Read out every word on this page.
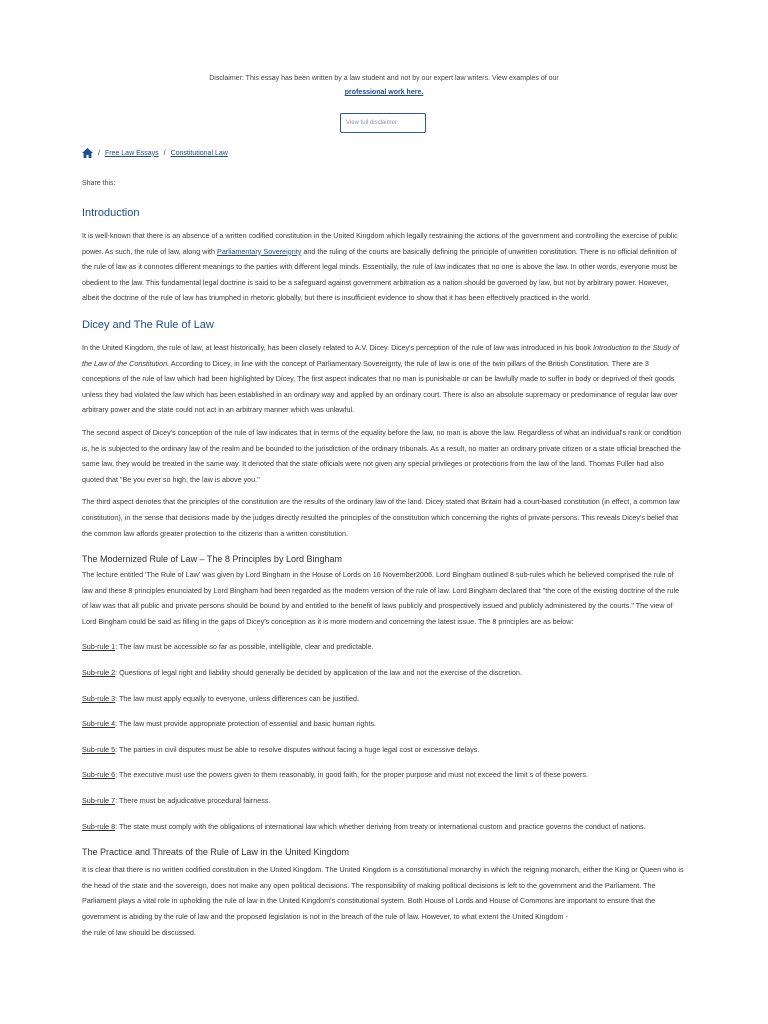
Disclaimer: This essay has been written by a law student and not by our expert law writers. View examples of our
professional work here.
View full disclaimer
/ Free Law Essays / Constitutional Law
Share this:
Introduction

It is well-known that there is an absence of a written codified constitution in the United Kingdom which legally restraining the actions of the government and controlling the exercise of public power. As such, the rule of law, along with Parliamentary Sovereignty and the ruling of the courts are basically defining the principle of unwritten constitution. There is no official definition of the rule of law as it connotes different meanings to the parties with different legal minds. Essentially, the rule of law indicates that no one is above the law. In other words, everyone must be obedient to the law. This fundamental legal doctrine is said to be a safeguard against government arbitration as a nation should be governed by law, but not by arbitrary power. However, albeit the doctrine of the rule of law has triumphed in rhetoric globally, but there is insufficient evidence to show that it has been effectively practiced in the world.

Dicey and The Rule of Law

In the United Kingdom, the rule of law, at least historically, has been closely related to A.V. Dicey. Dicey's perception of the rule of law was introduced in his book Introduction to the Study of the Law of the Constitution. According to Dicey, in line with the concept of Parliamentary Sovereignty, the rule of law is one of the twin pillars of the British Constitution. There are 3 conceptions of the rule of law which had been highlighted by Dicey. The first aspect indicates that no man is punishable or can be lawfully made to suffer in body or deprived of their goods unless they had violated the law which has been established in an ordinary way and applied by an ordinary court. There is also an absolute supremacy or predominance of regular law over arbitrary power and the state could not act in an arbitrary manner which was unlawful.

The second aspect of Dicey's conception of the rule of law indicates that in terms of the equality before the law, no man is above the law. Regardless of what an individual's rank or condition is, he is subjected to the ordinary law of the realm and be bounded to the jurisdiction of the ordinary tribunals. As a result, no matter an ordinary private citizen or a state official breached the same law, they would be treated in the same way. It denoted that the state officials were not given any special privileges or protections from the law of the land. Thomas Fuller had also quoted that "Be you ever so high, the law is above you."

The third aspect denotes that the principles of the constitution are the results of the ordinary law of the land. Dicey stated that Britain had a court-based constitution (in effect, a common law constitution), in the sense that decisions made by the judges directly resulted the principles of the constitution which concerning the rights of private persons. This reveals Dicey's belief that the common law affords greater protection to the citizens than a written constitution.

The Modernized Rule of Law – The 8 Principles by Lord Bingham

The lecture entitled 'The Rule of Law' was given by Lord Bingham in the House of Lords on 16 November2006. Lord Bingham outlined 8 sub-rules which he believed comprised the rule of law and these 8 principles enunciated by Lord Bingham had been regarded as the modern version of the rule of law. Lord Bingham declared that "the core of the existing doctrine of the rule of law was that all public and private persons should be bound by and entitled to the benefit of laws publicly and prospectively issued and publicly administered by the courts." The view of Lord Bingham could be said as filling in the gaps of Dicey's conception as it is more modern and concerning the latest issue. The 8 principles are as below:

Sub-rule 1: The law must be accessible so far as possible, intelligible, clear and predictable.

Sub-rule 2: Questions of legal right and liability should generally be decided by application of the law and not the exercise of the discretion.

Sub-rule 3: The law must apply equally to everyone, unless differences can be justified.

Sub-rule 4: The law must provide appropriate protection of essential and basic human rights.

Sub-rule 5: The parties in civil disputes must be able to resolve disputes without facing a huge legal cost or excessive delays.

Sub-rule 6: The executive must use the powers given to them reasonably, in good faith, for the proper purpose and must not exceed the limit s of these powers.

Sub-rule 7: There must be adjudicative procedural fairness.

Sub-rule 8: The state must comply with the obligations of international law which whether deriving from treaty or international custom and practice governs the conduct of nations.

The Practice and Threats of the Rule of Law in the United Kingdom

It is clear that there is no written codified constitution in the United Kingdom. The United Kingdom is a constitutional monarchy in which the reigning monarch, either the King or Queen who is the head of the state and the sovereign, does not make any open political decisions. The responsibility of making political decisions is left to the government and the Parliament. The Parliament plays a vital role in upholding the rule of law in the United Kingdom's constitutional system. Both House of Lords and House of Commons are important to ensure that the government is abiding by the rule of law and the proposed legislation is not in the breach of the rule of law. However, to what extent the United Kingdom -

the rule of law should be discussed.
